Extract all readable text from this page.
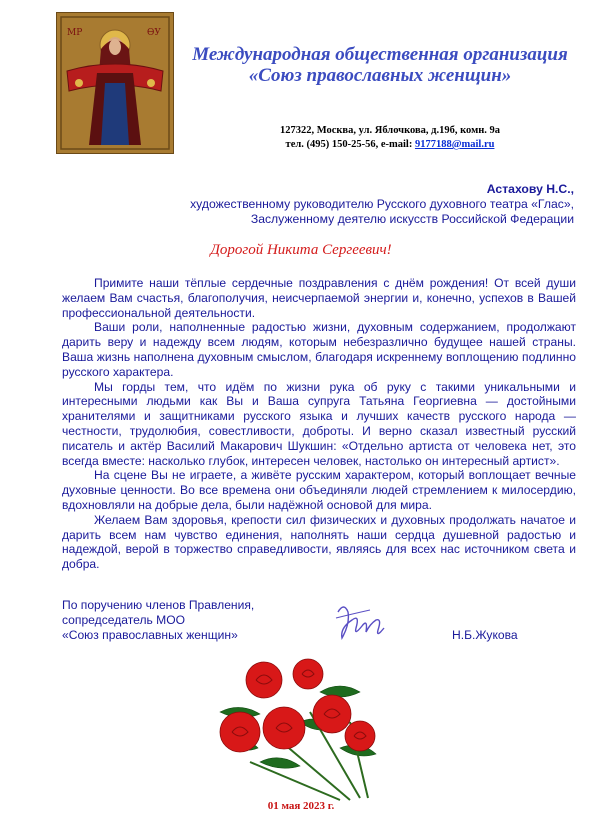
МР	ѲУ
Международная общественная организация
«Союз православных женщин»
127322, Москва, ул. Яблочкова, д.19б, комн. 9а
тел. (495) 150-25-56, e-mail: 9177188@mail.ru
Астахову Н.С.,
художественному руководителю Русского духовного театра «Глас»,
Заслуженному деятелю искусств Российской Федерации
Дорогой Никита Сергеевич!

Примите наши тёплые сердечные поздравления с днём рождения! От всей души желаем Вам счастья, благополучия, неисчерпаемой энергии и, конечно, успехов в Вашей профессиональной деятельности.

Ваши роли, наполненные радостью жизни, духовным содержанием, продолжают дарить веру и надежду всем людям, которым небезразлично будущее нашей страны. Ваша жизнь наполнена духовным смыслом, благодаря искреннему воплощению подлинно русского характера.

Мы горды тем, что идём по жизни рука об руку с такими уникальными и интересными людьми как Вы и Ваша супруга Татьяна Георгиевна — достойными хранителями и защитниками русского языка и лучших качеств русского народа — честности, трудолюбия, совестливости, доброты. И верно сказал известный русский писатель и актёр Василий Макарович Шукшин: «Отдельно артиста от человека нет, это всегда вместе: насколько глубок, интересен человек, настолько он интересный артист».

На сцене Вы не играете, а живёте русским характером, который воплощает вечные духовные ценности. Во все времена они объединяли людей стремлением к милосердию, вдохновляли на добрые дела, были надёжной основой для мира.

Желаем Вам здоровья, крепости сил физических и духовных продолжать начатое и дарить всем нам чувство единения, наполнять наши сердца душевной радостью и надеждой, верой в торжество справедливости, являясь для всех нас источником света и добра.

По поручению членов Правления,
сопредседатель МОО
«Союз православных женщин»	Н.Б.Жукова
01 мая 2023 г.
